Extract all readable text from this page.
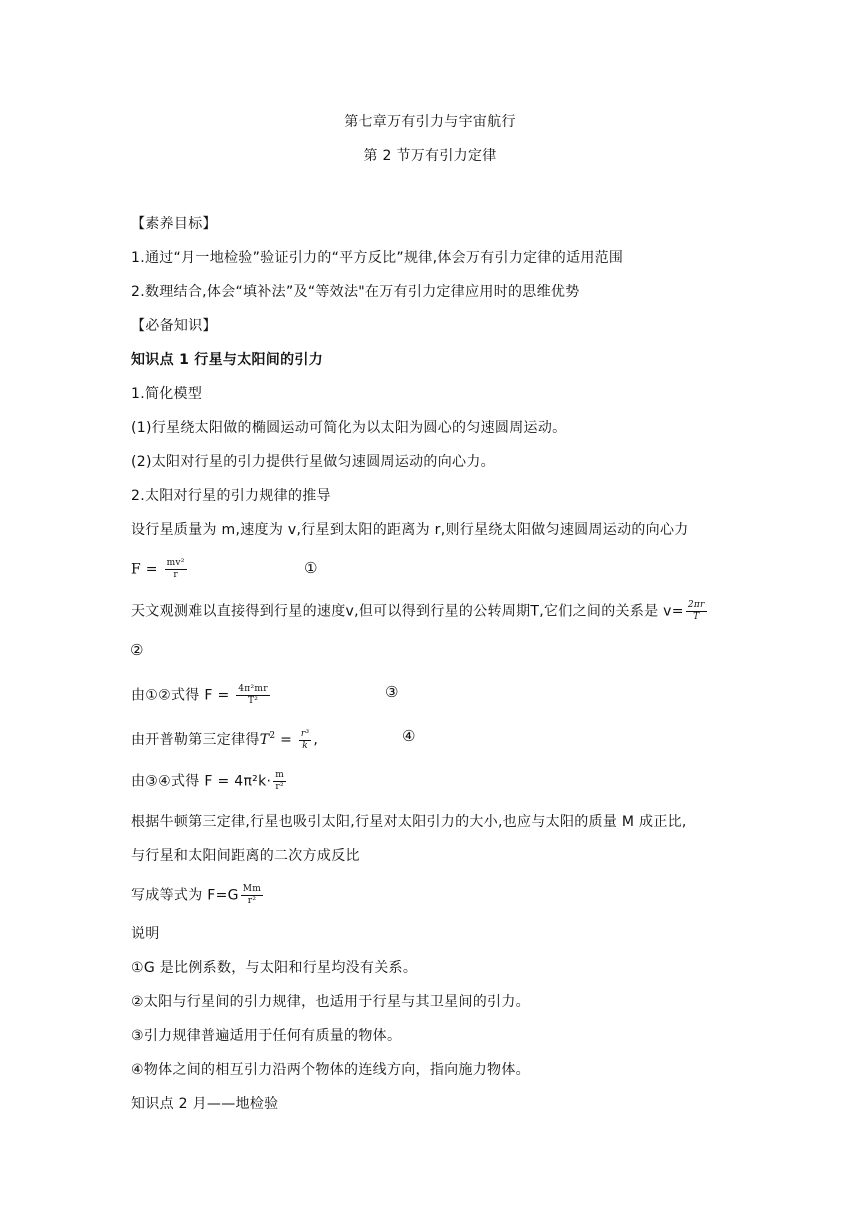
第七章万有引力与宇宙航行
第 2 节万有引力定律
【素养目标】
1.通过“月一地检验”验证引力的“平方反比”规律,体会万有引力定律的适用范围
2.数理结合,体会“填补法”及“等效法"在万有引力定律应用时的思维优势
【必备知识】
知识点 1 行星与太阳间的引力
1.简化模型
(1)行星绕太阳做的椭圆运动可简化为以太阳为圆心的匀速圆周运动。
(2)太阳对行星的引力提供行星做匀速圆周运动的向心力。
2.太阳对行星的引力规律的推导
设行星质量为 m,速度为 v,行星到太阳的距离为 r,则行星绕太阳做匀速圆周运动的向心力
$F = \frac{\text{mv²}}{r}$	①
天文观测难以直接得到行星的速度v,但可以得到行星的公转周期T,它们之间的关系是 $v= \frac{2\pi r}{T}$
②
由①②式得 $F = \frac{\text{4π²mr}}{\text{T²}}$	③
由开普勒第三定律得$T^2 = \frac{\text{r³}}{k}$ ,	④
由③④式得 $F = 4\pi^2k\cdot \frac{m}{\text{r²}}$
根据牛顿第三定律,行星也吸引太阳,行星对太阳引力的大小,也应与太阳的质量 M 成正比,
与行星和太阳间距离的二次方成反比
写成等式为 $F=G \frac{Mm}{\text{r²}}$
说明
①G 是比例系数，与太阳和行星均没有关系。
②太阳与行星间的引力规律，也适用于行星与其卫星间的引力。
③引力规律普遍适用于任何有质量的物体。
④物体之间的相互引力沿两个物体的连线方向，指向施力物体。
知识点 2 月——地检验
